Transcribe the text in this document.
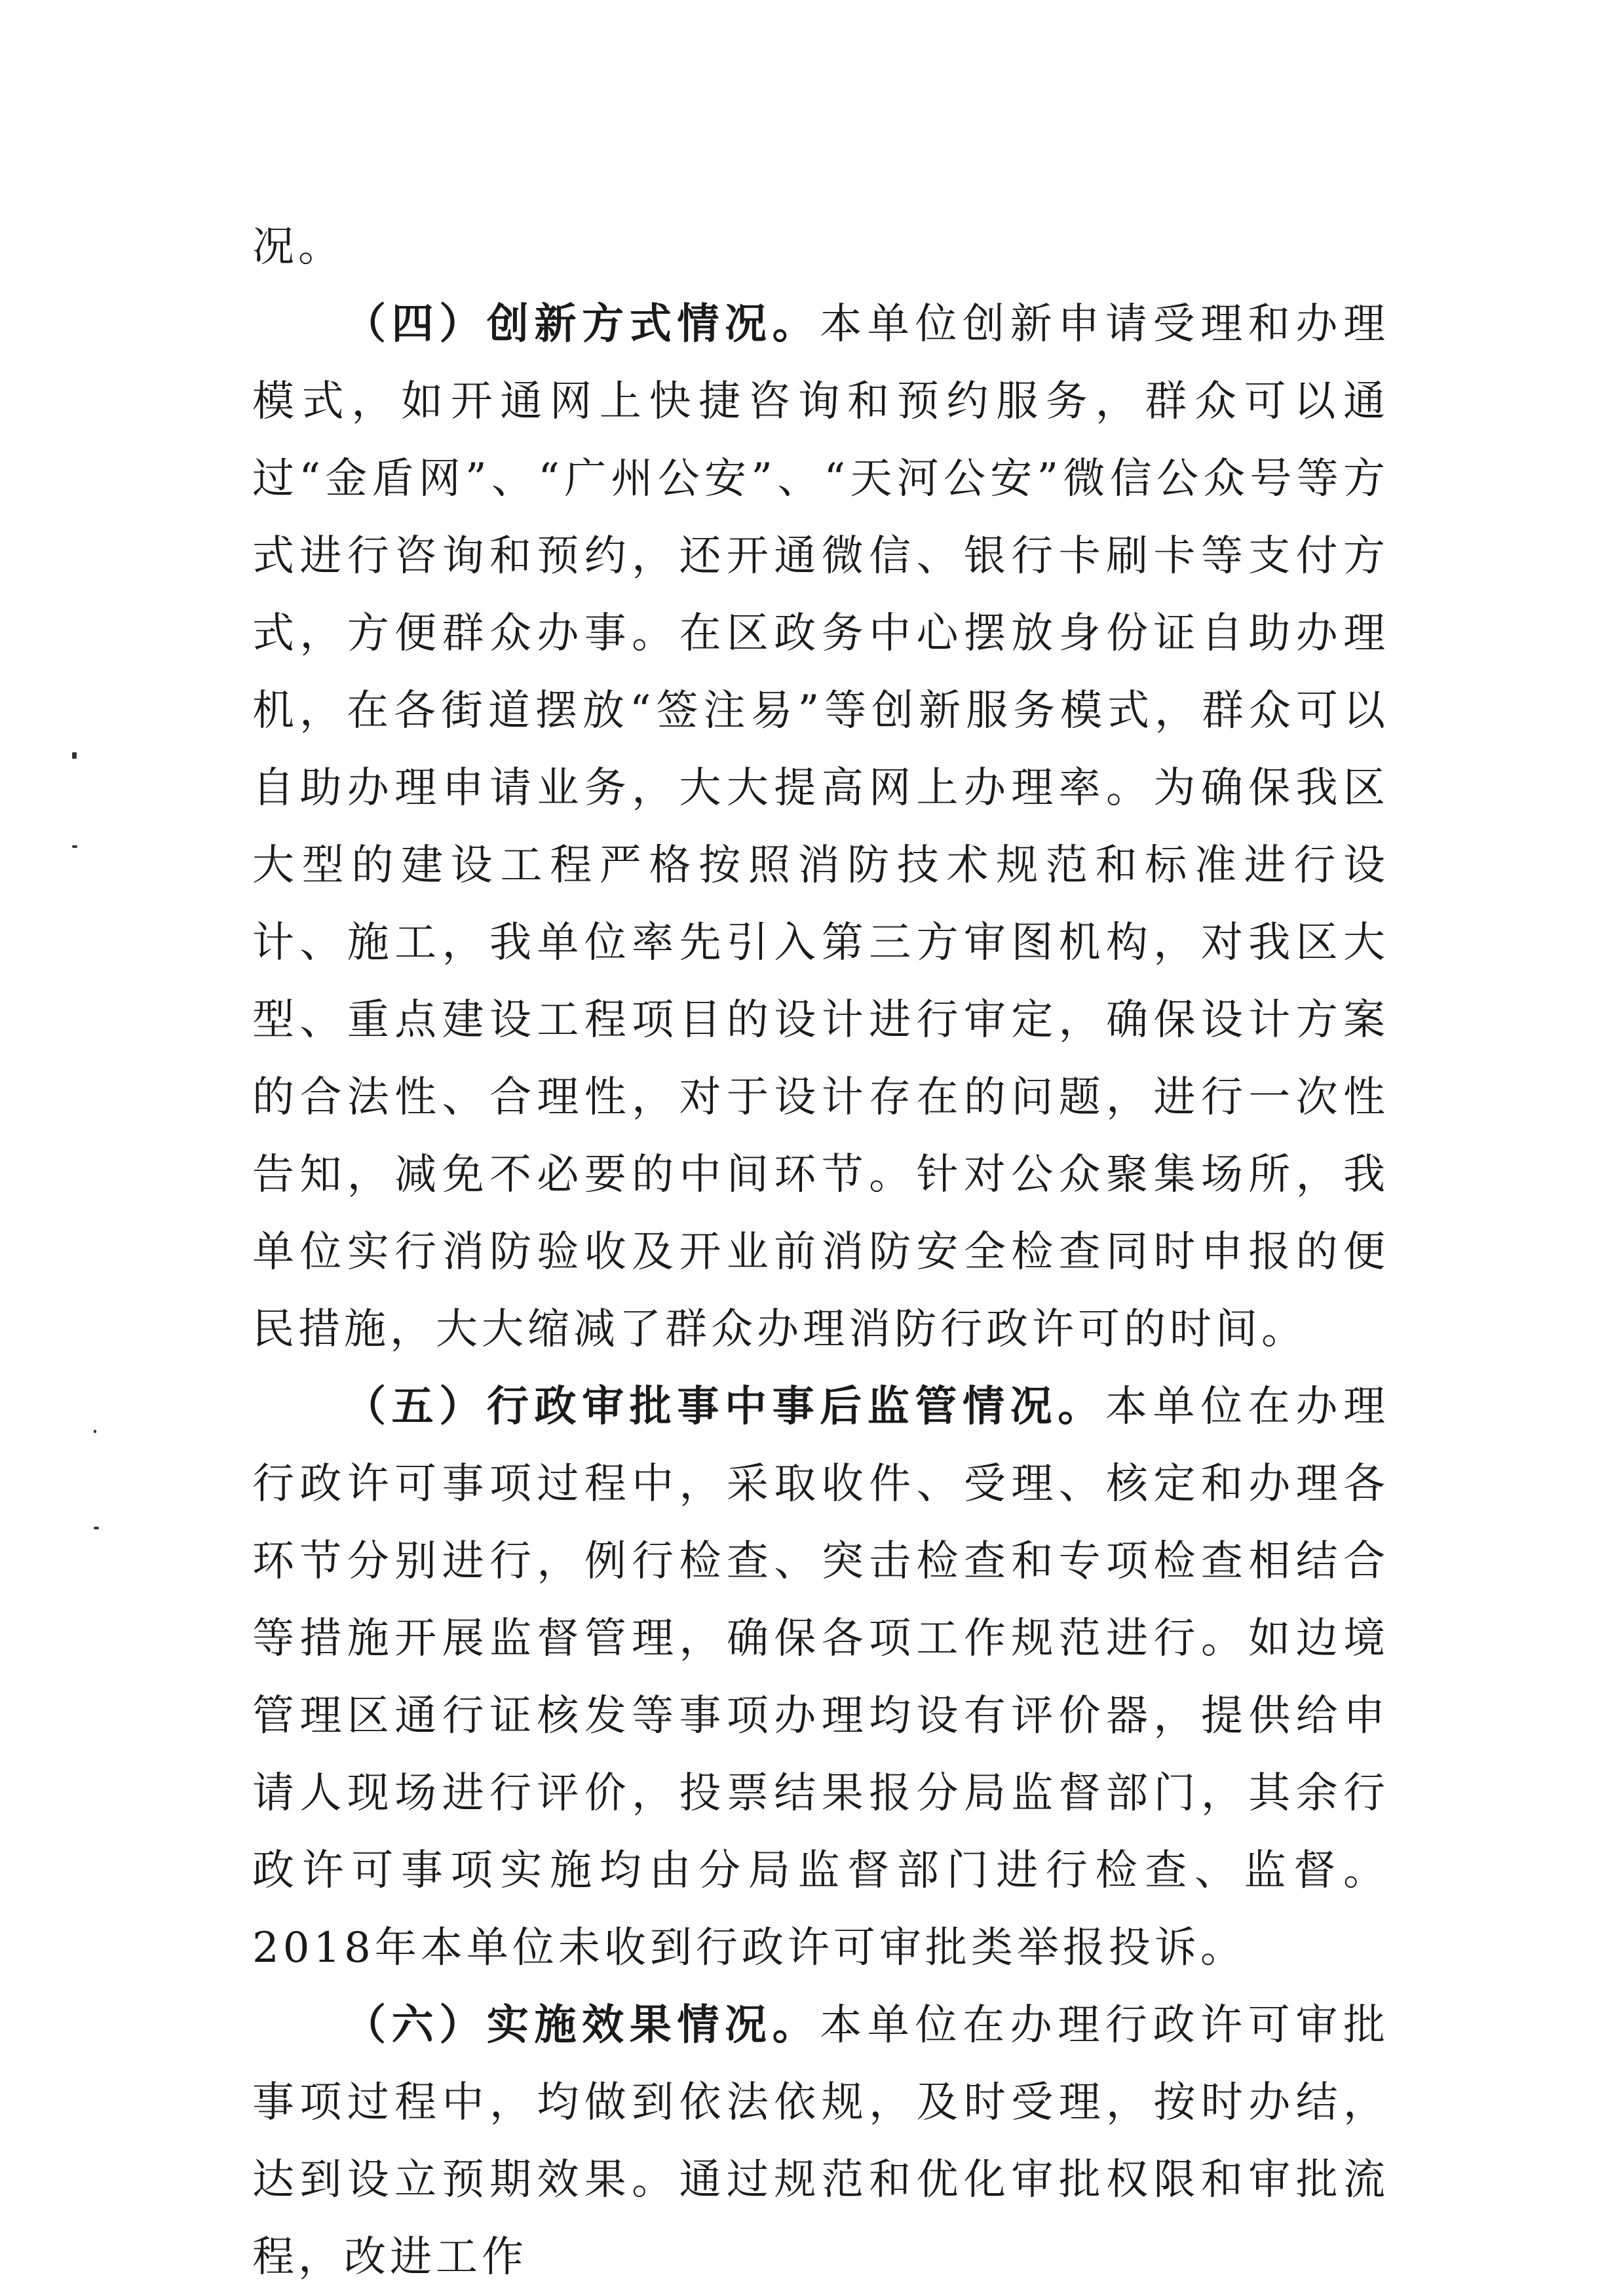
况。

（四）创新方式情况。本单位创新申请受理和办理模式，如开通网上快捷咨询和预约服务，群众可以通过“金盾网”、“广州公安”、“天河公安”微信公众号等方式进行咨询和预约，还开通微信、银行卡刷卡等支付方式，方便群众办事。在区政务中心摆放身份证自助办理机，在各街道摆放“签注易”等创新服务模式，群众可以自助办理申请业务，大大提高网上办理率。为确保我区大型的建设工程严格按照消防技术规范和标准进行设计、施工，我单位率先引入第三方审图机构，对我区大型、重点建设工程项目的设计进行审定，确保设计方案的合法性、合理性，对于设计存在的问题，进行一次性告知，减免不必要的中间环节。针对公众聚集场所，我单位实行消防验收及开业前消防安全检查同时申报的便民措施，大大缩减了群众办理消防行政许可的时间。

（五）行政审批事中事后监管情况。本单位在办理行政许可事项过程中，采取收件、受理、核定和办理各环节分别进行，例行检查、突击检查和专项检查相结合等措施开展监督管理，确保各项工作规范进行。如边境管理区通行证核发等事项办理均设有评价器，提供给申请人现场进行评价，投票结果报分局监督部门，其余行政许可事项实施均由分局监督部门进行检查、监督。2018年本单位未收到行政许可审批类举报投诉。

（六）实施效果情况。本单位在办理行政许可审批事项过程中，均做到依法依规，及时受理，按时办结，达到设立预期效果。通过规范和优化审批权限和审批流程，改进工作
